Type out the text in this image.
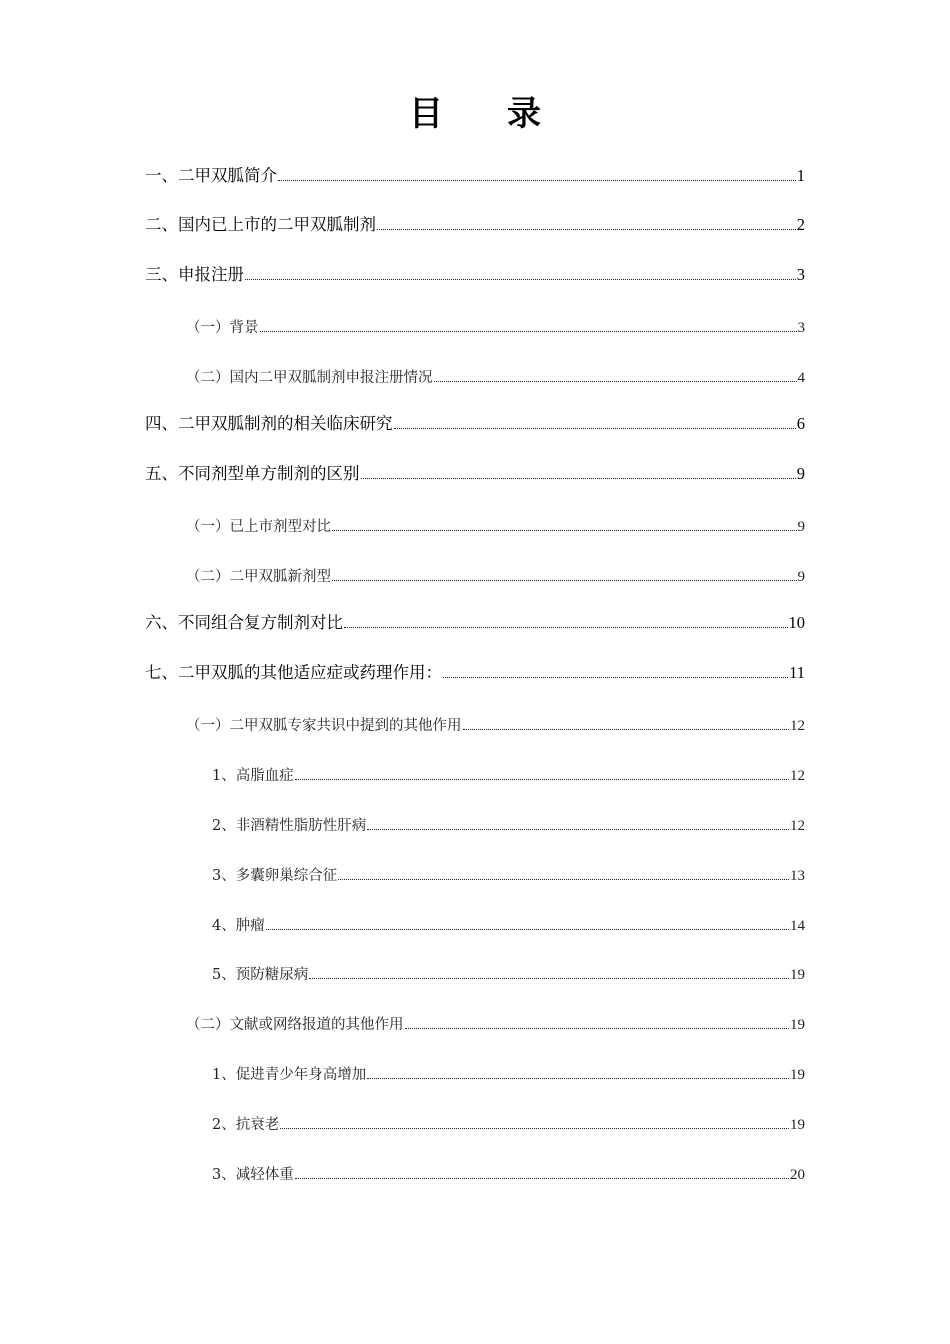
目 录
一、二甲双胍简介	1
二、国内已上市的二甲双胍制剂	2
三、申报注册	3
（一）背景	3
（二）国内二甲双胍制剂申报注册情况	4
四、二甲双胍制剂的相关临床研究	6
五、不同剂型单方制剂的区别	9
（一）已上市剂型对比	9
（二）二甲双胍新剂型	9
六、不同组合复方制剂对比	10
七、二甲双胍的其他适应症或药理作用：	11
（一）二甲双胍专家共识中提到的其他作用	12
1、高脂血症	12
2、非酒精性脂肪性肝病	12
3、多囊卵巢综合征	13
4、肿瘤	14
5、预防糖尿病	19
（二）文献或网络报道的其他作用	19
1、促进青少年身高增加	19
2、抗衰老	19
3、减轻体重	20
